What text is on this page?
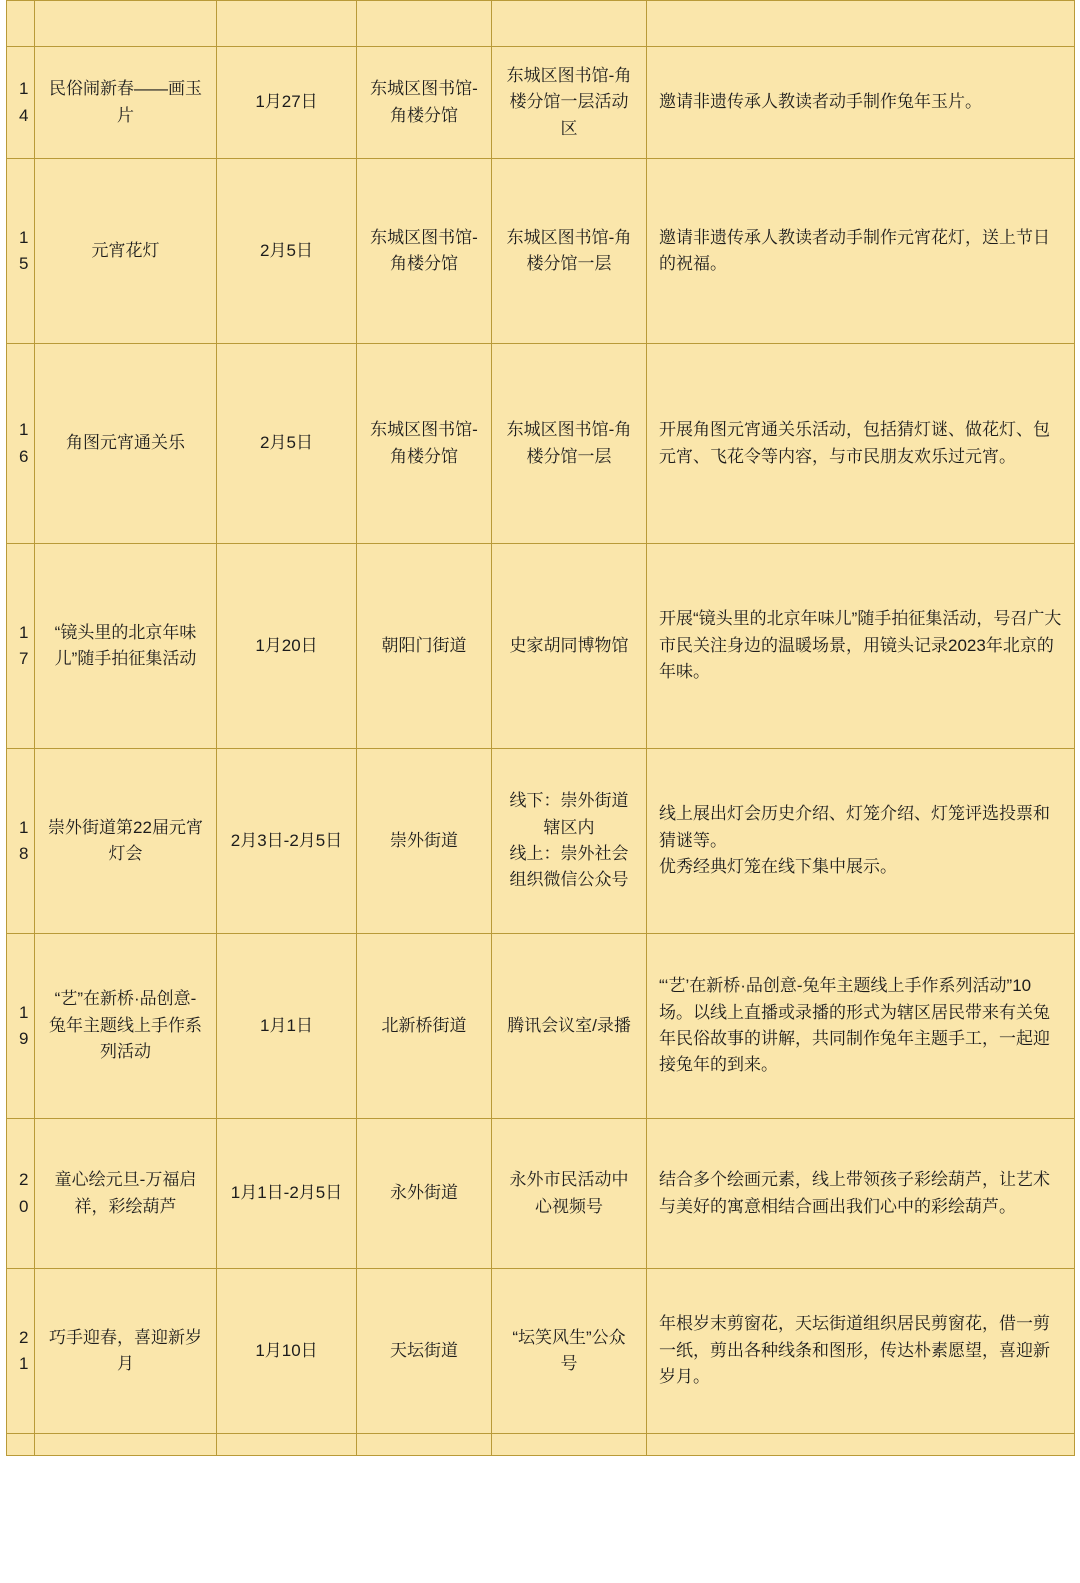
14	民俗闹新春——画玉片	1月27日	东城区图书馆-角楼分馆	东城区图书馆-角楼分馆一层活动区	邀请非遗传承人教读者动手制作兔年玉片。

15	元宵花灯	2月5日	东城区图书馆-角楼分馆	东城区图书馆-角楼分馆一层	邀请非遗传承人教读者动手制作元宵花灯，送上节日的祝福。

16	角图元宵通关乐	2月5日	东城区图书馆-角楼分馆	东城区图书馆-角楼分馆一层	开展角图元宵通关乐活动，包括猜灯谜、做花灯、包元宵、飞花令等内容，与市民朋友欢乐过元宵。

17	“镜头里的北京年味儿”随手拍征集活动	1月20日	朝阳门街道	史家胡同博物馆	开展“镜头里的北京年味儿”随手拍征集活动，号召广大市民关注身边的温暖场景，用镜头记录2023年北京的年味。

18	崇外街道第22届元宵灯会	2月3日-2月5日	崇外街道	线下：崇外街道辖区内
线上：崇外社会组织微信公众号	线上展出灯会历史介绍、灯笼介绍、灯笼评选投票和猜谜等。
优秀经典灯笼在线下集中展示。

19	“艺”在新桥·品创意-兔年主题线上手作系列活动	1月1日	北新桥街道	腾讯会议室/录播	“‘艺’在新桥·品创意-兔年主题线上手作系列活动”10场。以线上直播或录播的形式为辖区居民带来有关兔年民俗故事的讲解，共同制作兔年主题手工，一起迎接兔年的到来。

20	童心绘元旦-万福启祥，彩绘葫芦	1月1日-2月5日	永外街道	永外市民活动中心视频号	结合多个绘画元素，线上带领孩子彩绘葫芦，让艺术与美好的寓意相结合画出我们心中的彩绘葫芦。

21	巧手迎春，喜迎新岁月	1月10日	天坛街道	“坛笑风生”公众号	年根岁末剪窗花，天坛街道组织居民剪窗花，借一剪一纸，剪出各种线条和图形，传达朴素愿望，喜迎新岁月。
